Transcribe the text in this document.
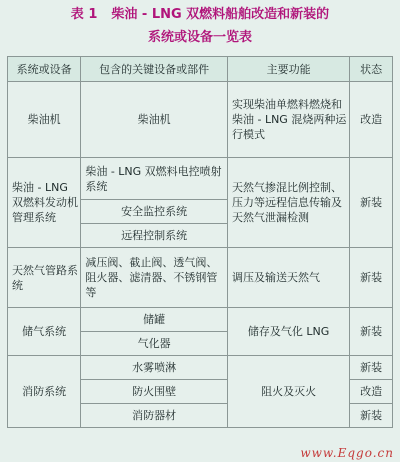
表 1 柴油 - LNG 双燃料船舶改造和新装的
系统或设备一览表
系统或设备	包含的关键设备或部件	主要功能	状态
柴油机	柴油机	实现柴油单燃料燃烧和柴油 - LNG 混烧两种运行模式	改造
柴油 - LNG 双燃料发动机管理系统	柴油 - LNG 双燃料电控喷射系统	天然气掺混比例控制、压力等远程信息传输及天然气泄漏检测	新装
	安全监控系统		
	远程控制系统		
天然气管路系统	减压阀、截止阀、透气阀、阻火器、滤清器、不锈钢管等	调压及输送天然气	新装
储气系统	储罐	储存及气化 LNG	新装
	气化器		
消防系统	水雾喷淋	阻火及灭火	新装
	防火围壁		改造
	消防器材		新装
www.Eqgo.cn
